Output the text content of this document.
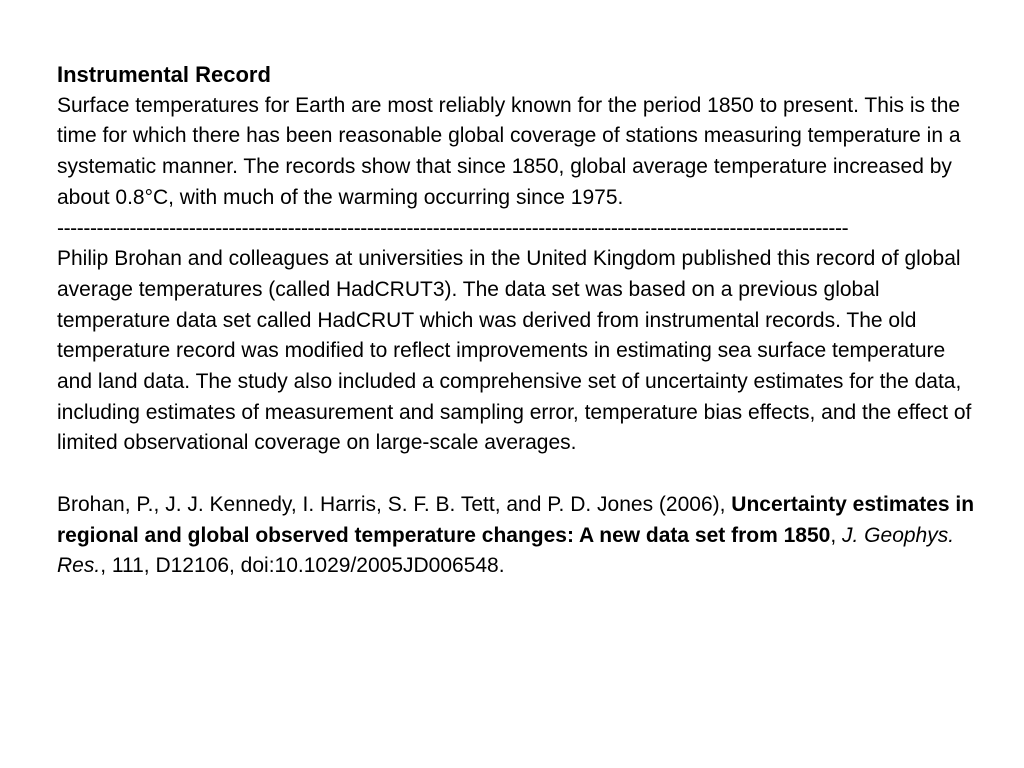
Instrumental Record

Surface temperatures for Earth are most reliably known for the period 1850 to present. This is the time for which there has been reasonable global coverage of stations measuring temperature in a systematic manner. The records show that since 1850, global average temperature increased by about 0.8°C, with much of the warming occurring since 1975.

------------------------------------------------------------------------------------------------------------------------

Philip Brohan and colleagues at universities in the United Kingdom published this record of global average temperatures (called HadCRUT3). The data set was based on a previous global temperature data set called HadCRUT which was derived from instrumental records. The old temperature record was modified to reflect improvements in estimating sea surface temperature and land data. The study also included a comprehensive set of uncertainty estimates for the data, including estimates of measurement and sampling error, temperature bias effects, and the effect of limited observational coverage on large-scale averages.

Brohan, P., J. J. Kennedy, I. Harris, S. F. B. Tett, and P. D. Jones (2006), Uncertainty estimates in regional and global observed temperature changes: A new data set from 1850, J. Geophys. Res., 111, D12106, doi:10.1029/2005JD006548.
